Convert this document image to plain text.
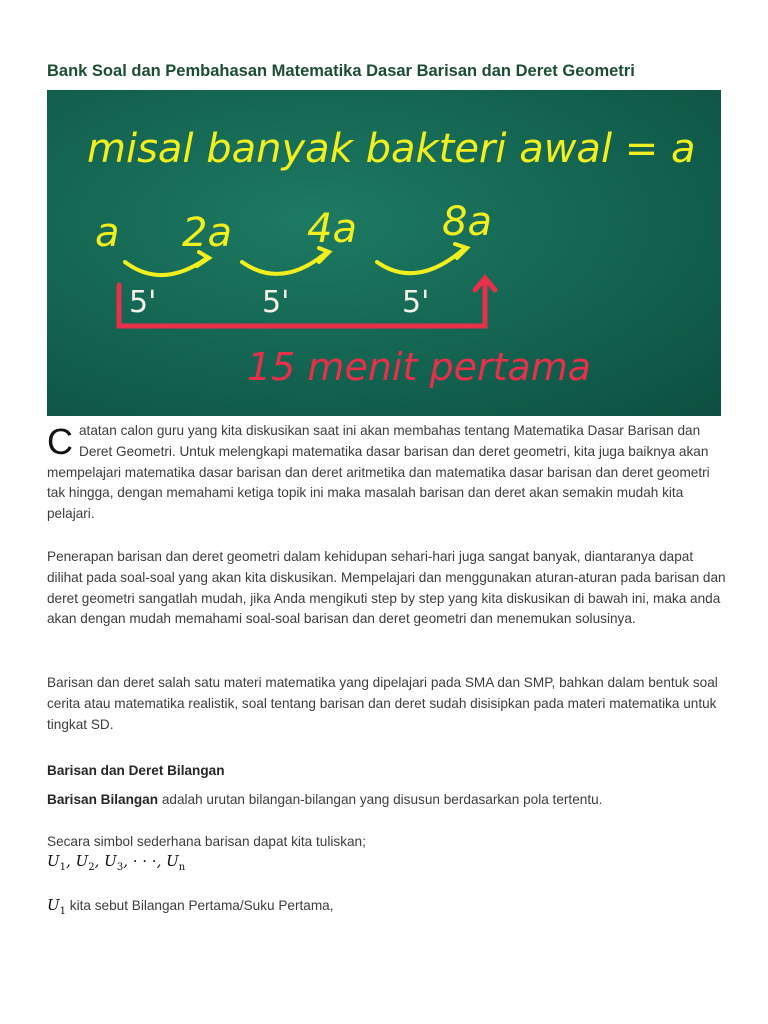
Bank Soal dan Pembahasan Matematika Dasar Barisan dan Deret Geometri
misal banyak bakteri awal = a
a 2a 4a 8a
5'	5'	5'
15 menit pertama

Catatan calon guru yang kita diskusikan saat ini akan membahas tentang Matematika Dasar Barisan dan Deret Geometri. Untuk melengkapi matematika dasar barisan dan deret geometri, kita juga baiknya akan mempelajari matematika dasar barisan dan deret aritmetika dan matematika dasar barisan dan deret geometri tak hingga, dengan memahami ketiga topik ini maka masalah barisan dan deret akan semakin mudah kita pelajari.

Penerapan barisan dan deret geometri dalam kehidupan sehari-hari juga sangat banyak, diantaranya dapat dilihat pada soal-soal yang akan kita diskusikan. Mempelajari dan menggunakan aturan-aturan pada barisan dan deret geometri sangatlah mudah, jika Anda mengikuti step by step yang kita diskusikan di bawah ini, maka anda akan dengan mudah memahami soal-soal barisan dan deret geometri dan menemukan solusinya.

Barisan dan deret salah satu materi matematika yang dipelajari pada SMA dan SMP, bahkan dalam bentuk soal cerita atau matematika realistik, soal tentang barisan dan deret sudah disisipkan pada materi matematika untuk tingkat SD.

Barisan dan Deret Bilangan

Barisan Bilangan adalah urutan bilangan-bilangan yang disusun berdasarkan pola tertentu.

Secara simbol sederhana barisan dapat kita tuliskan;

$U_1$, $U_2$, $U_3$, · · ·, $U_n$

$U_1$ kita sebut Bilangan Pertama/Suku Pertama,
